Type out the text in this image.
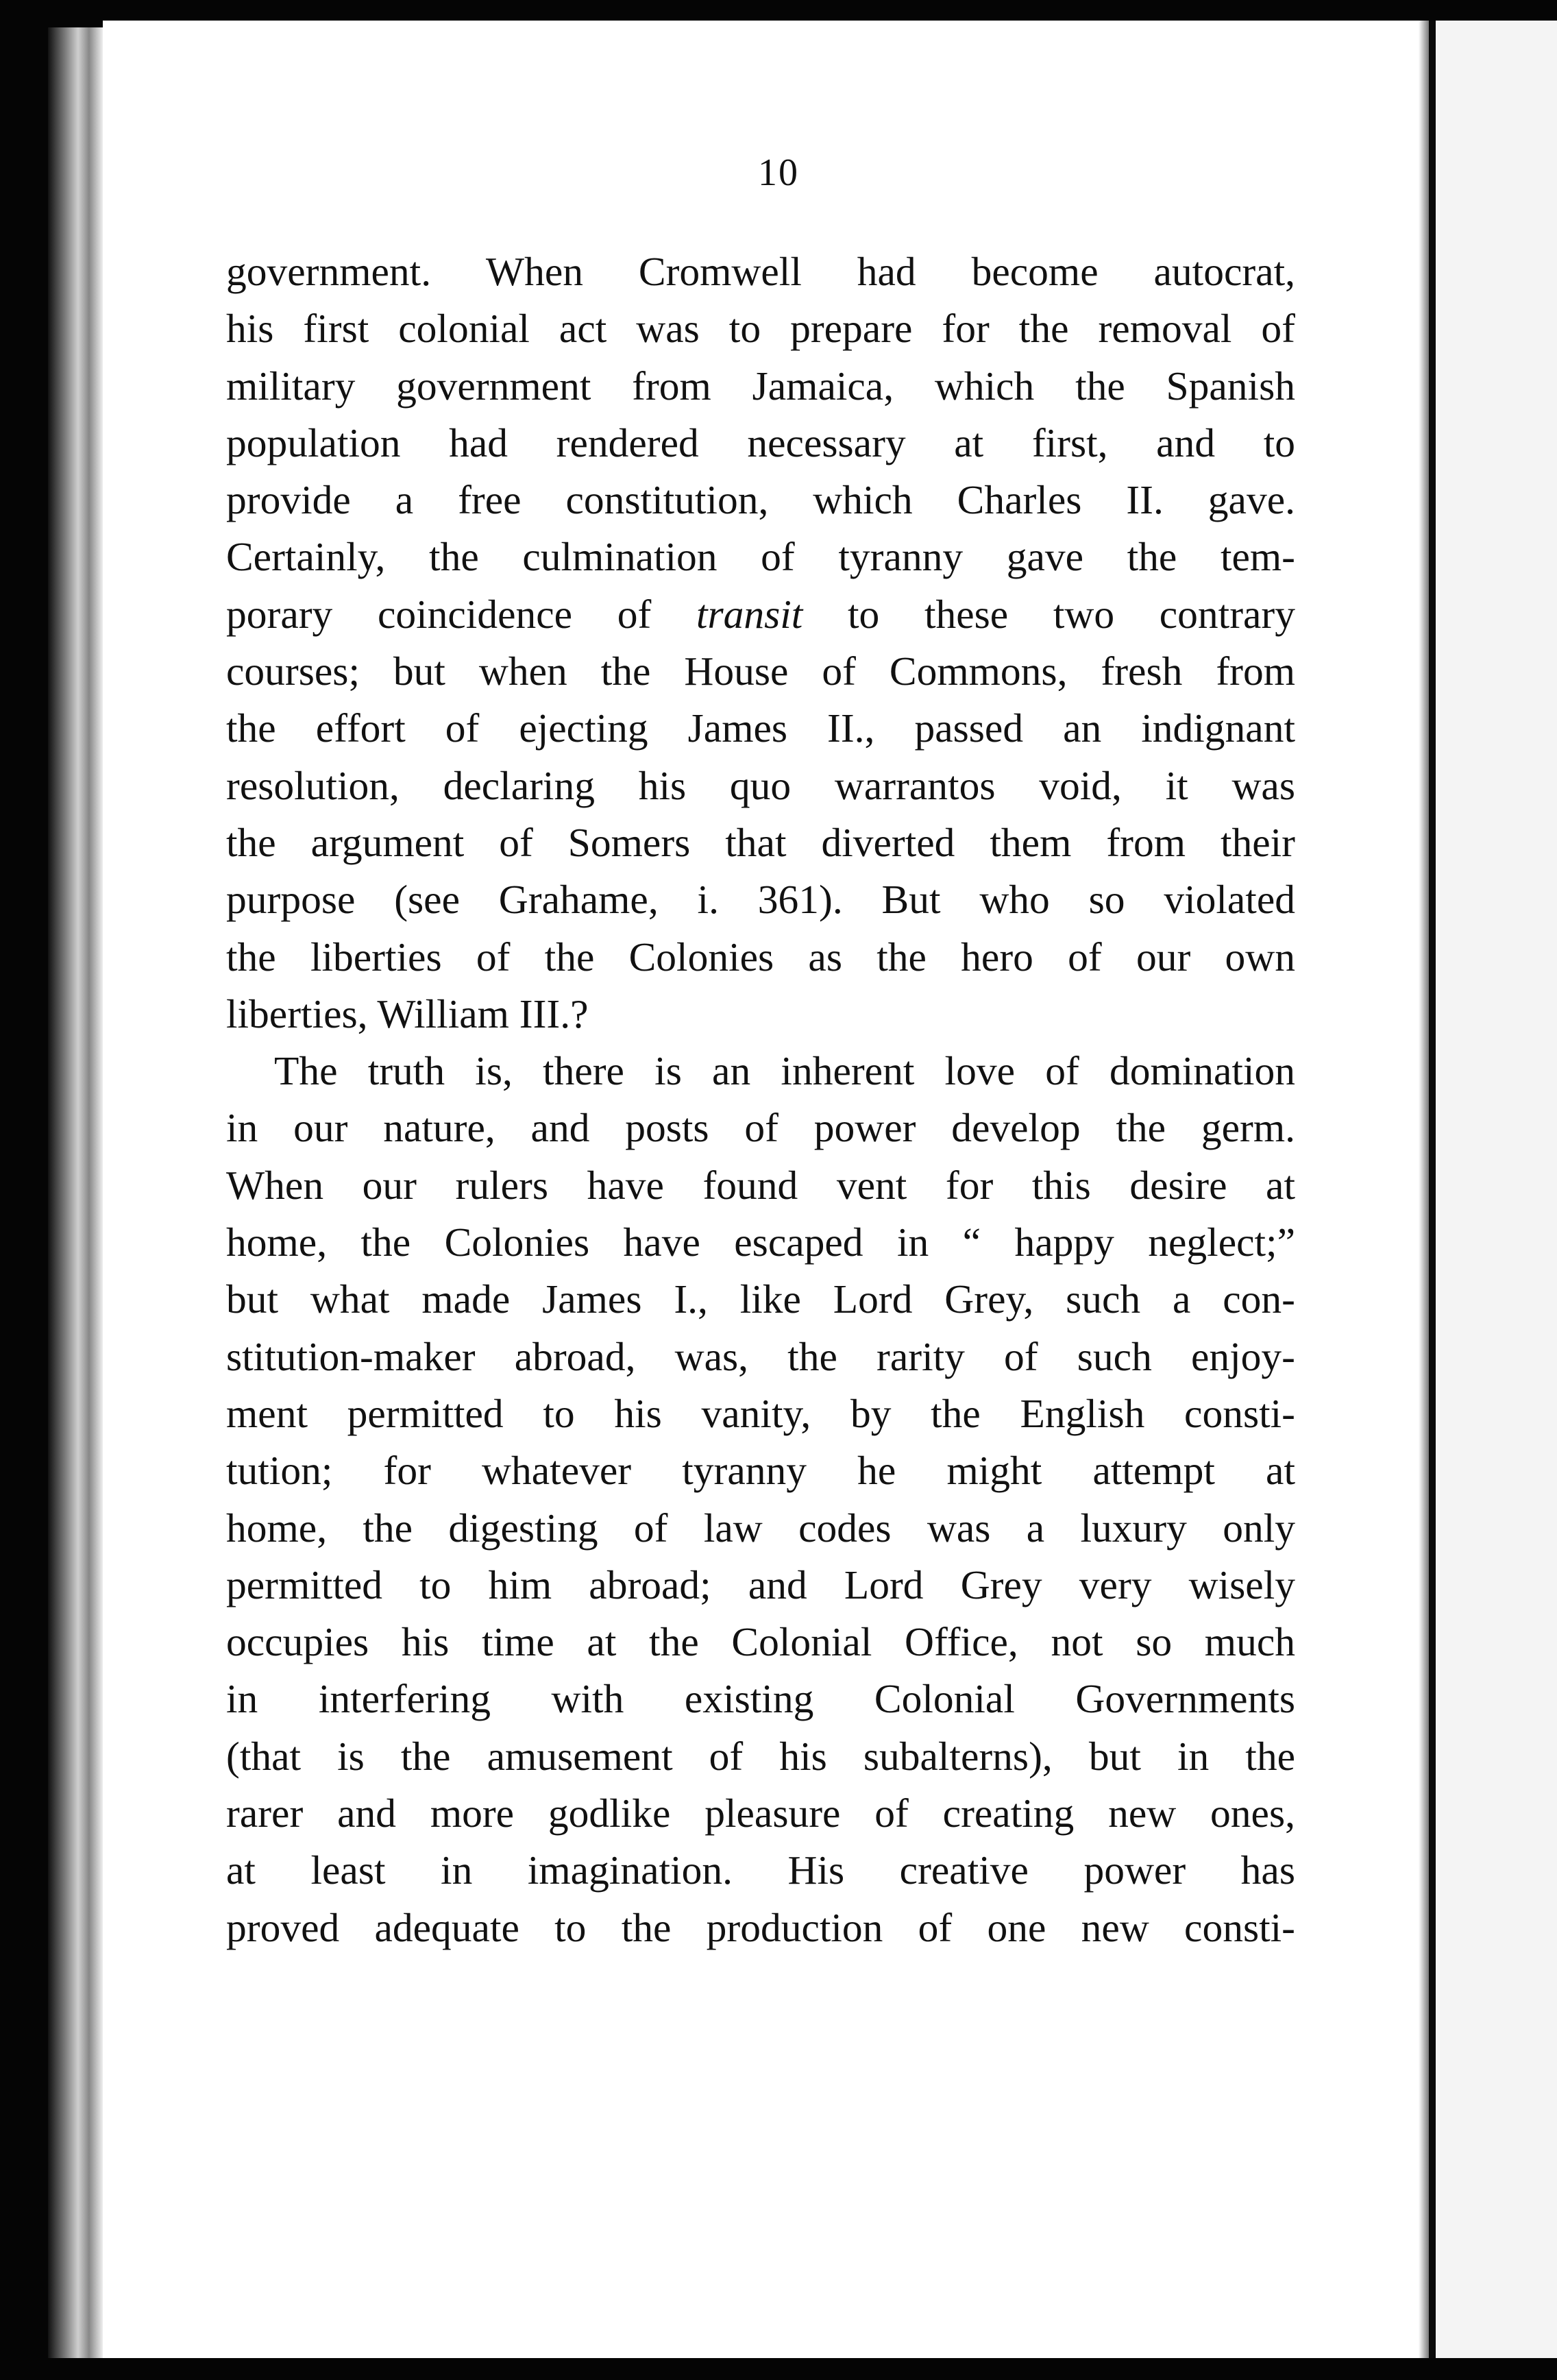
10
government. When Cromwell had become autocrat,
his first colonial act was to prepare for the removal of
military government from Jamaica, which the Spanish
population had rendered necessary at first, and to
provide a free constitution, which Charles II. gave.
Certainly, the culmination of tyranny gave the tem-
porary coincidence of transit to these two contrary
courses; but when the House of Commons, fresh from
the effort of ejecting James II., passed an indignant
resolution, declaring his quo warrantos void, it was
the argument of Somers that diverted them from their
purpose (see Grahame, i. 361). But who so violated
the liberties of the Colonies as the hero of our own
liberties, William III.?
The truth is, there is an inherent love of domination
in our nature, and posts of power develop the germ.
When our rulers have found vent for this desire at
home, the Colonies have escaped in “ happy neglect;”
but what made James I., like Lord Grey, such a con-
stitution-maker abroad, was, the rarity of such enjoy-
ment permitted to his vanity, by the English consti-
tution; for whatever tyranny he might attempt at
home, the digesting of law codes was a luxury only
permitted to him abroad; and Lord Grey very wisely
occupies his time at the Colonial Office, not so much
in interfering with existing Colonial Governments
(that is the amusement of his subalterns), but in the
rarer and more godlike pleasure of creating new ones,
at least in imagination. His creative power has
proved adequate to the production of one new consti-
